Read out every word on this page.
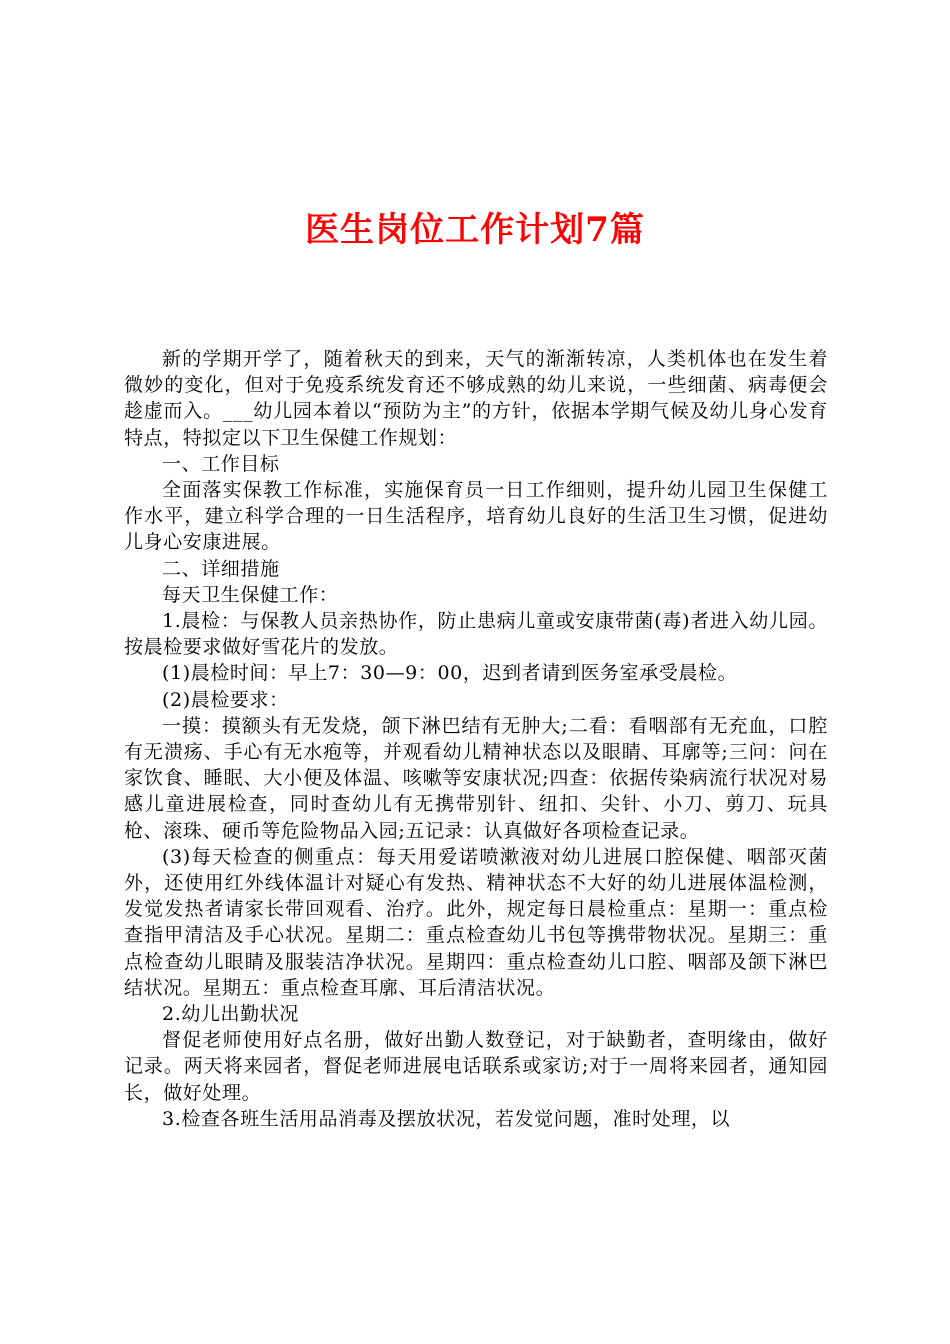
医生岗位工作计划7篇

新的学期开学了，随着秋天的到来，天气的渐渐转凉，人类机体也在发生着微妙的变化，但对于免疫系统发育还不够成熟的幼儿来说，一些细菌、病毒便会趁虚而入。___幼儿园本着以“预防为主”的方针，依据本学期气候及幼儿身心发育特点，特拟定以下卫生保健工作规划：

一、工作目标

全面落实保教工作标准，实施保育员一日工作细则，提升幼儿园卫生保健工作水平，建立科学合理的一日生活程序，培育幼儿良好的生活卫生习惯，促进幼儿身心安康进展。

二、详细措施

每天卫生保健工作：

1.晨检：与保教人员亲热协作，防止患病儿童或安康带菌(毒)者进入幼儿园。按晨检要求做好雪花片的发放。

(1)晨检时间：早上7：30—9：00，迟到者请到医务室承受晨检。

(2)晨检要求：

一摸：摸额头有无发烧，颌下淋巴结有无肿大;二看：看咽部有无充血，口腔有无溃疡、手心有无水疱等，并观看幼儿精神状态以及眼睛、耳廓等;三问：问在家饮食、睡眠、大小便及体温、咳嗽等安康状况;四查：依据传染病流行状况对易感儿童进展检查，同时查幼儿有无携带别针、纽扣、尖针、小刀、剪刀、玩具枪、滚珠、硬币等危险物品入园;五记录：认真做好各项检查记录。

(3)每天检查的侧重点：每天用爱诺喷漱液对幼儿进展口腔保健、咽部灭菌外，还使用红外线体温计对疑心有发热、精神状态不大好的幼儿进展体温检测，发觉发热者请家长带回观看、治疗。此外，规定每日晨检重点：星期一：重点检查指甲清洁及手心状况。星期二：重点检查幼儿书包等携带物状况。星期三：重点检查幼儿眼睛及服装洁净状况。星期四：重点检查幼儿口腔、咽部及颌下淋巴结状况。星期五：重点检查耳廓、耳后清洁状况。

2.幼儿出勤状况

督促老师使用好点名册，做好出勤人数登记，对于缺勤者，查明缘由，做好记录。两天将来园者，督促老师进展电话联系或家访;对于一周将来园者，通知园长，做好处理。

3.检查各班生活用品消毒及摆放状况，若发觉问题，准时处理，以
